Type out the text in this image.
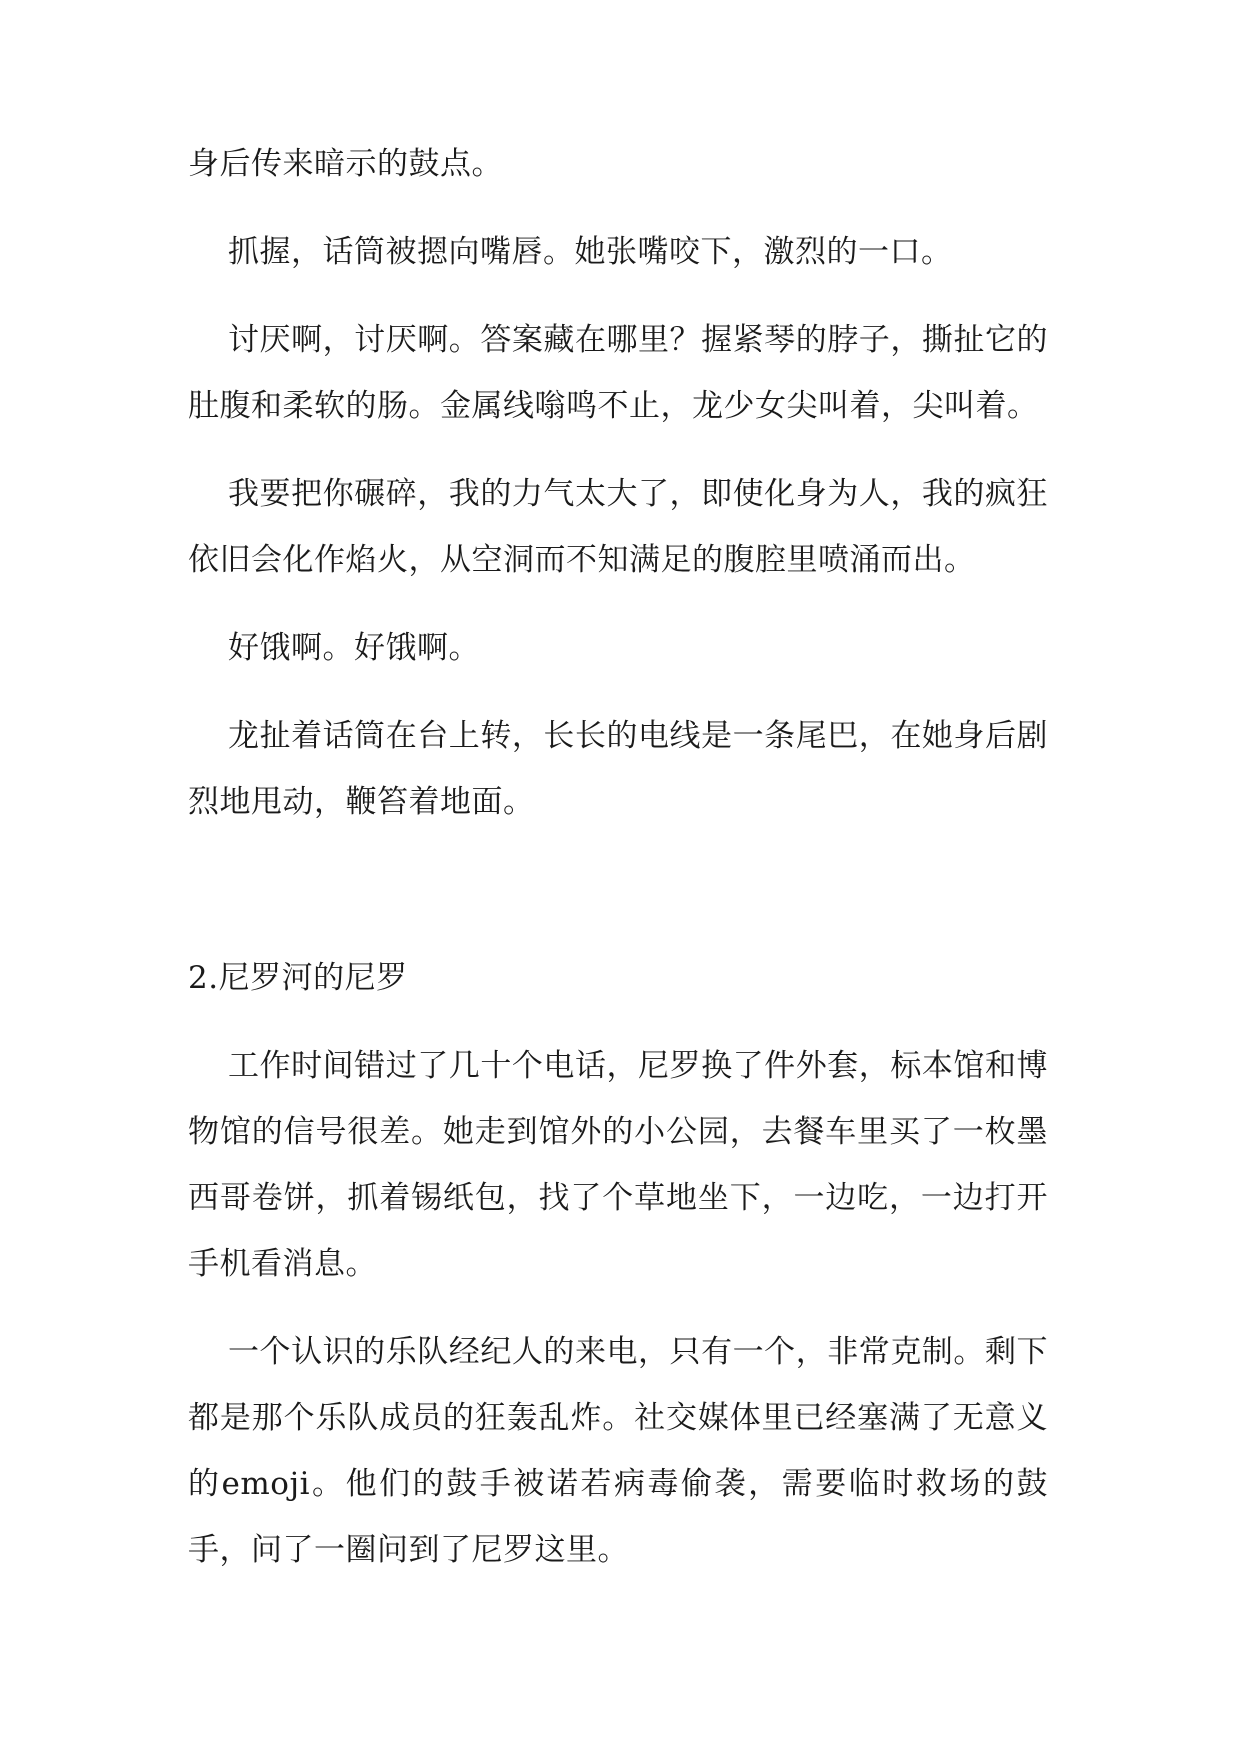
身后传来暗示的鼓点。

抓握，话筒被摁向嘴唇。她张嘴咬下，激烈的一口。

讨厌啊，讨厌啊。答案藏在哪里？握紧琴的脖子，撕扯它的肚腹和柔软的肠。金属线嗡鸣不止，龙少女尖叫着，尖叫着。

我要把你碾碎，我的力气太大了，即使化身为人，我的疯狂依旧会化作焰火，从空洞而不知满足的腹腔里喷涌而出。

好饿啊。好饿啊。

龙扯着话筒在台上转，长长的电线是一条尾巴，在她身后剧烈地甩动，鞭笞着地面。

2.尼罗河的尼罗

工作时间错过了几十个电话，尼罗换了件外套，标本馆和博物馆的信号很差。她走到馆外的小公园，去餐车里买了一枚墨西哥卷饼，抓着锡纸包，找了个草地坐下，一边吃，一边打开手机看消息。

一个认识的乐队经纪人的来电，只有一个，非常克制。剩下都是那个乐队成员的狂轰乱炸。社交媒体里已经塞满了无意义的emoji。他们的鼓手被诺若病毒偷袭，需要临时救场的鼓手，问了一圈问到了尼罗这里。
